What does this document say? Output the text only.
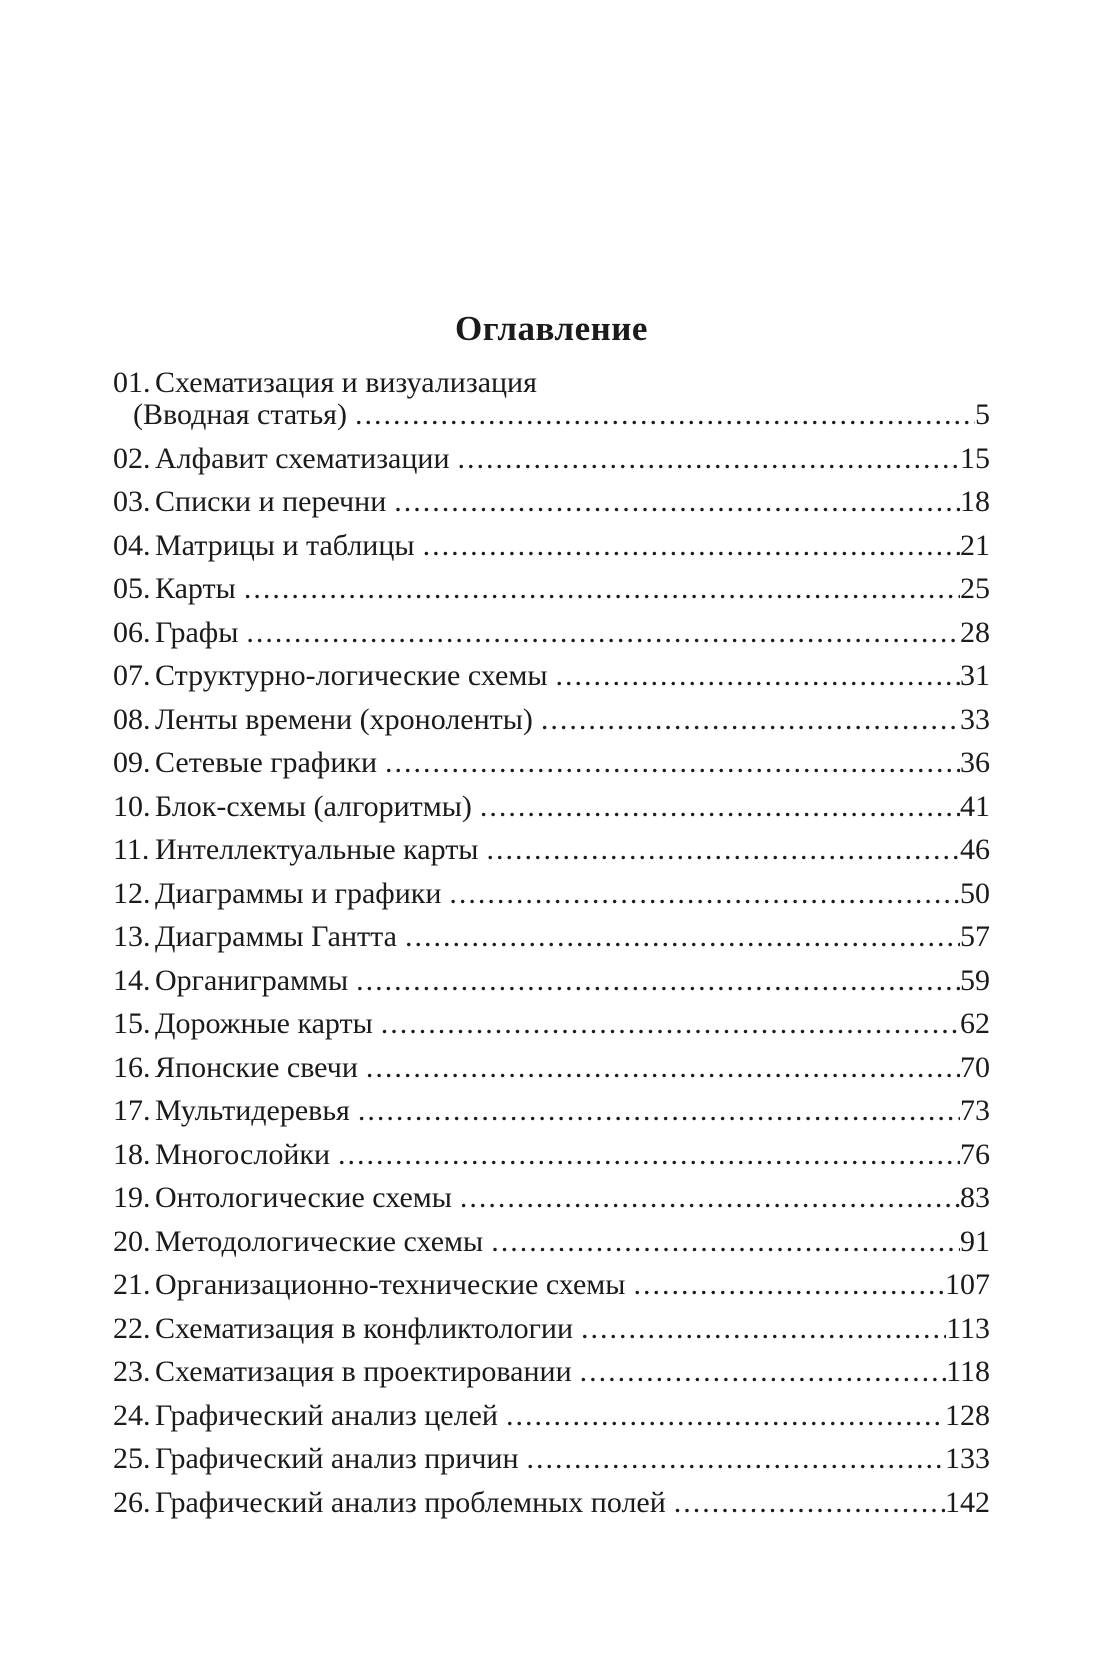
Оглавление
01. Схематизация и визуализация
(Вводная статья) .....	5
02. Алфавит схематизации .....	15
03. Списки и перечни .....	18
04. Матрицы и таблицы .....	21
05. Карты .....	25
06. Графы .....	28
07. Структурно-логические схемы .....	31
08. Ленты времени (хроноленты) .....	33
09. Сетевые графики .....	36
10. Блок-схемы (алгоритмы) .....	41
11. Интеллектуальные карты .....	46
12. Диаграммы и графики .....	50
13. Диаграммы Гантта .....	57
14. Органиграммы .....	59
15. Дорожные карты .....	62
16. Японские свечи .....	70
17. Мультидеревья .....	73
18. Многослойки .....	76
19. Онтологические схемы .....	83
20. Методологические схемы .....	91
21. Организационно-технические схемы .....	107
22. Схематизация в конфликтологии .....	113
23. Схематизация в проектировании .....	118
24. Графический анализ целей .....	128
25. Графический анализ причин .....	133
26. Графический анализ проблемных полей .....	142
